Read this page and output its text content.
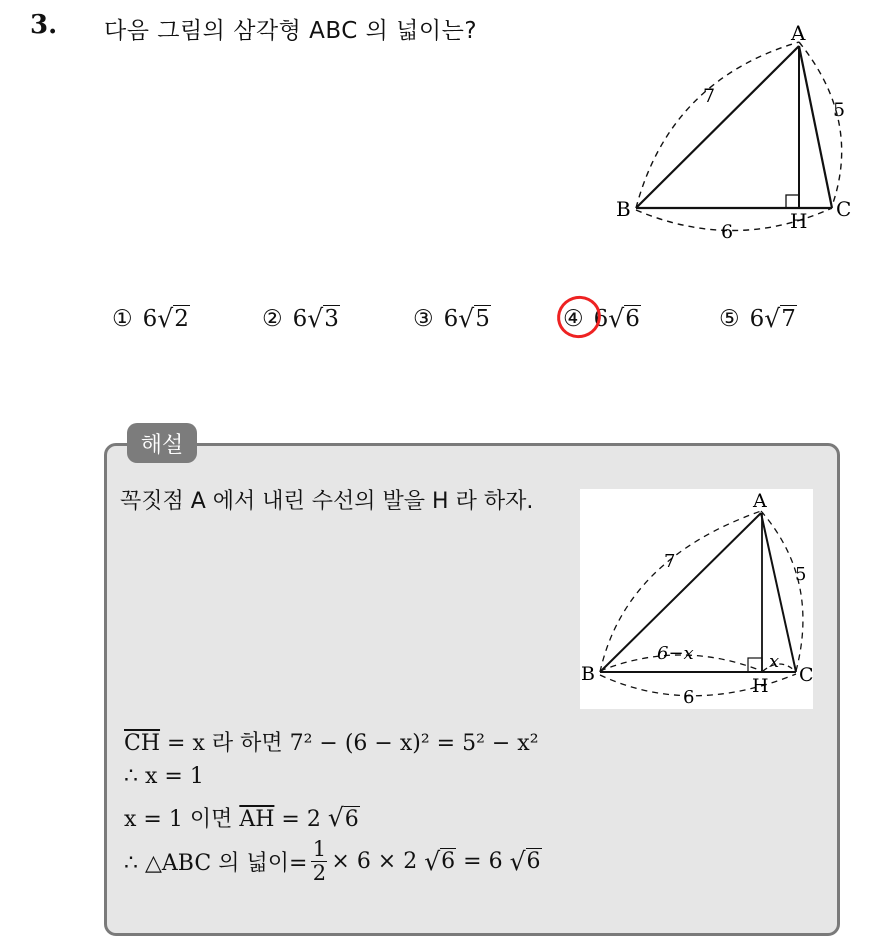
3. 다음 그림의 삼각형 ABC 의 넓이는?	A
B	C
H
7
5
6
① 6 √ 2	② 6 √ 3	③ 6 √ 5	④ 6 √ 6	⑤ 6 √ 7
해설
꼭짓점 A 에서 내린 수선의 발을 H 라 하자.	A
B	C
H
7
5
6
6−x	x
$\overline{CH} = x$ 라 하면 7² − (6 − x)² = 5² − x²
∴ x = 1
x = 1 이면 $\overline{AH} = 2$ √6
∴ △ABC 의 넓이= $\frac{1}{2} \times 6 \times 2$
√ 6 = 6
√ 6
